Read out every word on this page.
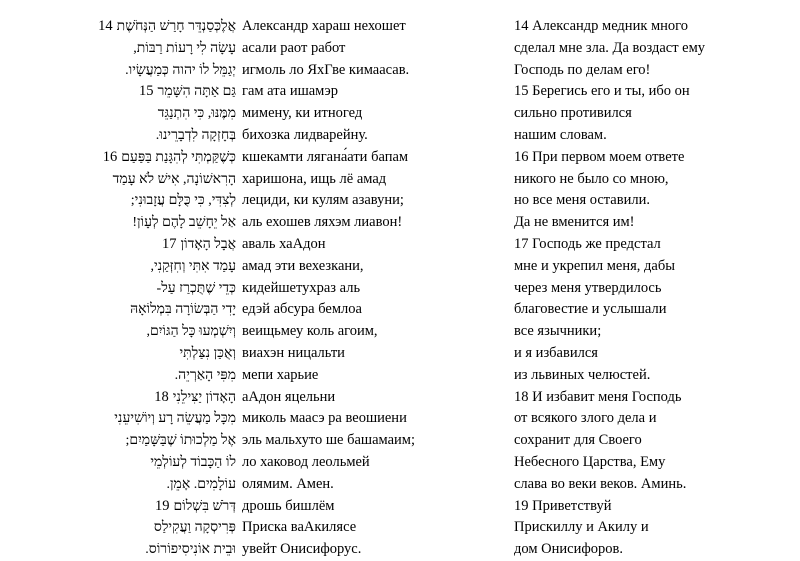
אֲלֶכְּסַנְדֵּר חָרַשׁ הַנְּחֹשֶׁת14
עָשָׂה לִי רָעוֹת רַבּוֹת,
יְגַמֵּל לוֹ יהוה כְּמַעֲשָׂיו.
גַּם אַתָּה הִשָּׁמֵר15
מִמֶּנּוּ, כִּי הִתְנַגֵּד
בְּחָזְקָה לִדְבָרֵינוּ.
כְּשֶׁקַּמְתִּי לְהִגָּנַת בַּפַּעַם16
הָרִאשׁוֹנָה, אִישׁ לֹא עָמַד
לְצִדִּי, כִּי כֻּלָּם עֲזָבוּנִי;
אַל יֵחָשֵׁב לָהֶם לְעָוֹן!
אֲבָל הָאָדוֹן17
עָמַד אִתִּי וְחִזְּקַנִי,
כְּדֵי שֶׁתֻּכְרַז עַל-
יָדִי הַבְּשׂוֹרָה בִּמְלוֹאָהּ
וְיִשְׁמְעוּ כָּל הַגּוֹיִם,
וְאֻכַּן נִצַּלְתִּי
מִפִּי הָאַרְיֵה.
הָאָדוֹן יַצִּילֵנִי18
מִכָּל מַעֲשֵׂה רָע וְיוֹשִׁיעֵנִי
אֶל מַלְכוּתוֹ שֶׁבַּשָּׁמַיִם;
לוֹ הַכָּבוֹד לְעוֹלְמֵי
עוֹלָמִים. אָמֵן.
דְּרֹשׁ בִּשְׁלוֹם19
פְּרִיסְקָה וַעֲקִילַס
וּבֵית אוֹנִיסִיפוֹרוֹס.
Александр хараш нехошет
асали раот работ
игмоль ло ЯхГве кимаасав.
гам ата ишамэр
мимену, ки итногед
бихозка лидварейну.
кшекамти лягана́ати бапам
харишона, ищь лё амад
лециди, ки кулям азавуни;
аль ехошев ляхэм лиавон!
аваль хаАдон
амад эти вехезкани,
кидейшетухраз аль
едэй абсура бемлоа
веищьмеу коль агоим,
виахэн ницальти
мепи харьие
аАдон яцельни
миколь маасэ ра веошиени
эль мальхуто ше башамаим;
ло хаковод леольмей
олямим. Амен.
дрошь бишлём
Приска ваАкилясе
увейт Онисифорус.
14 Александр медник много
сделал мне зла. Да воздаст ему
Господь по делам его!
15 Берегись его и ты, ибо он
сильно противился
нашим словам.
16 При первом моем ответе
никого не было со мною,
но все меня оставили.
Да не вменится им!
17 Господь же предстал
мне и укрепил меня, дабы
через меня утвердилось
благовестие и услышали
все язычники;
и я избавился
из львиных челюстей.
18 И избавит меня Господь
от всякого злого дела и
сохранит для Своего
Небесного Царства, Ему
слава во веки веков. Аминь.
19 Приветствуй
Прискиллу и Акилу и
дом Онисифоров.
